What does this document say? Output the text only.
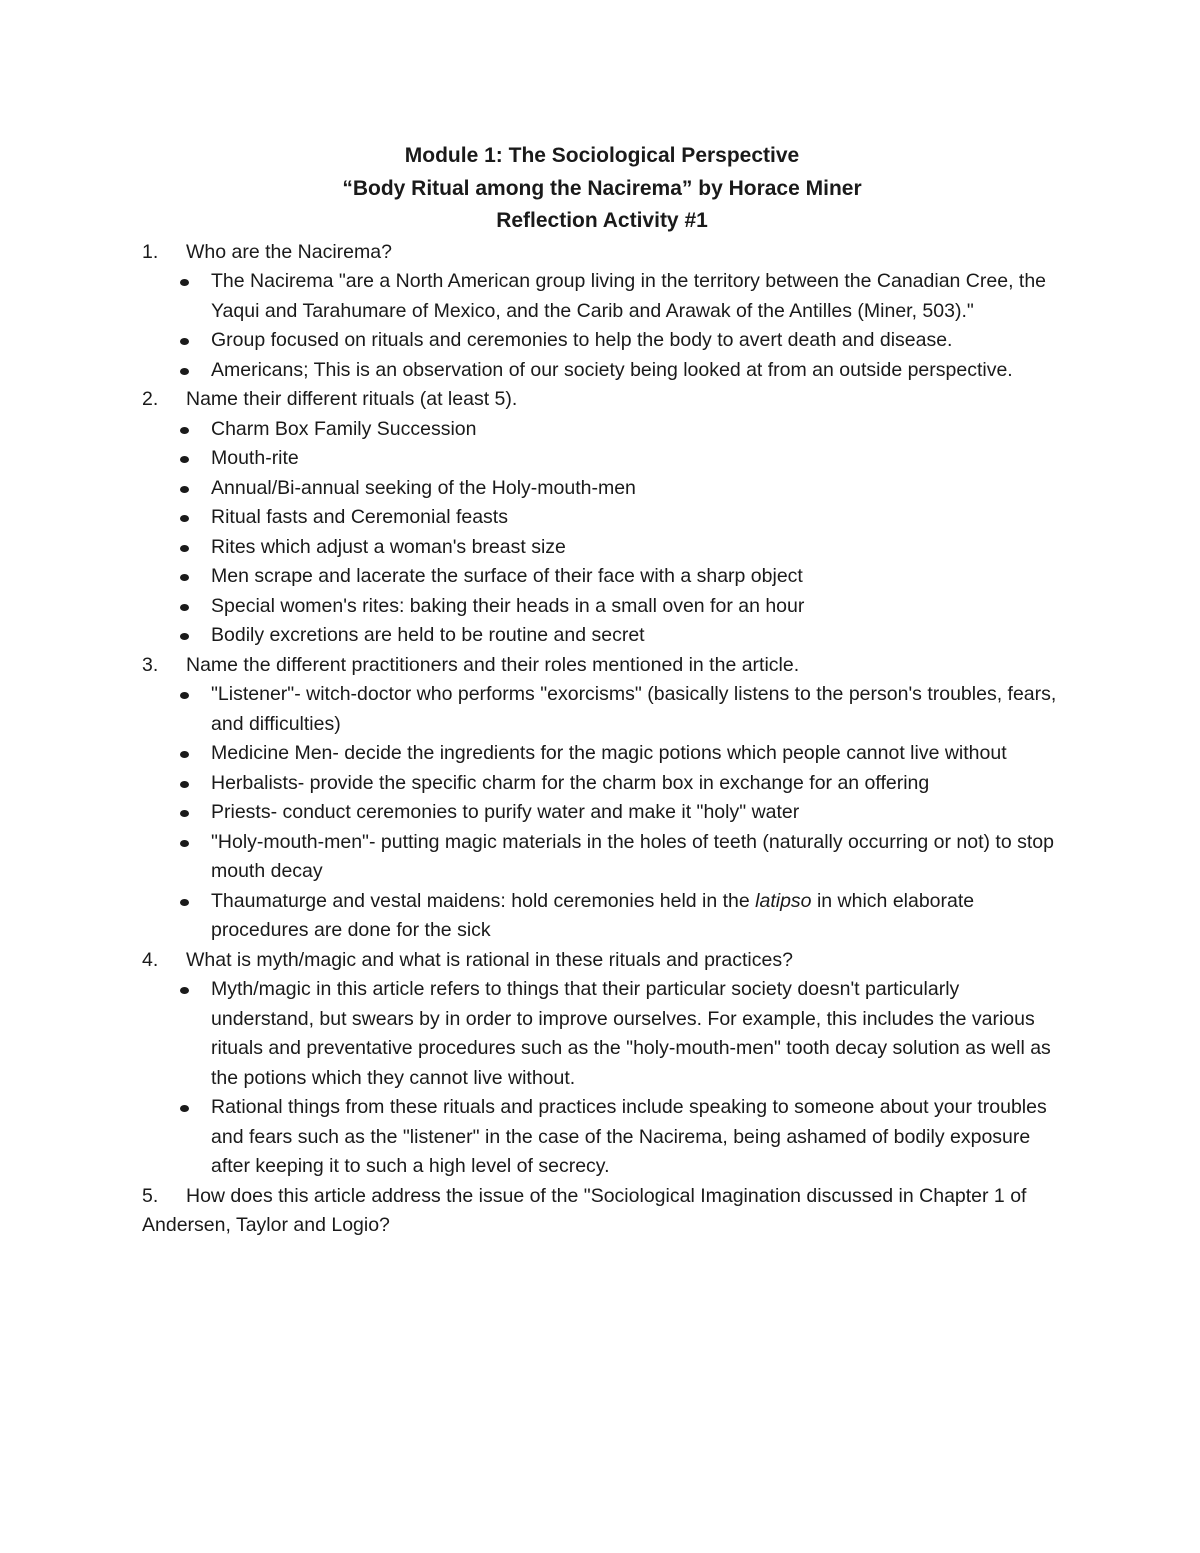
Module 1: The Sociological Perspective

“Body Ritual among the Nacirema” by Horace Miner

Reflection Activity #1

1. Who are the Nacirema?
The Nacirema "are a North American group living in the territory between the Canadian Cree, the Yaqui and Tarahumare of Mexico, and the Carib and Arawak of the Antilles (Miner, 503)."
Group focused on rituals and ceremonies to help the body to avert death and disease.
Americans; This is an observation of our society being looked at from an outside perspective.
2. Name their different rituals (at least 5).
Charm Box Family Succession
Mouth-rite
Annual/Bi-annual seeking of the Holy-mouth-men
Ritual fasts and Ceremonial feasts
Rites which adjust a woman's breast size
Men scrape and lacerate the surface of their face with a sharp object
Special women's rites: baking their heads in a small oven for an hour
Bodily excretions are held to be routine and secret
3. Name the different practitioners and their roles mentioned in the article.
"Listener"- witch-doctor who performs "exorcisms" (basically listens to the person's troubles, fears, and difficulties)
Medicine Men- decide the ingredients for the magic potions which people cannot live without
Herbalists- provide the specific charm for the charm box in exchange for an offering
Priests- conduct ceremonies to purify water and make it "holy" water
"Holy-mouth-men"- putting magic materials in the holes of teeth (naturally occurring or not) to stop mouth decay
Thaumaturge and vestal maidens: hold ceremonies held in the latipso in which elaborate procedures are done for the sick
4. What is myth/magic and what is rational in these rituals and practices?
Myth/magic in this article refers to things that their particular society doesn't particularly understand, but swears by in order to improve ourselves. For example, this includes the various rituals and preventative procedures such as the "holy-mouth-men" tooth decay solution as well as the potions which they cannot live without.
Rational things from these rituals and practices include speaking to someone about your troubles and fears such as the "listener" in the case of the Nacirema, being ashamed of bodily exposure after keeping it to such a high level of secrecy.
5. How does this article address the issue of the "Sociological Imagination discussed in Chapter 1 of Andersen, Taylor and Logio?
